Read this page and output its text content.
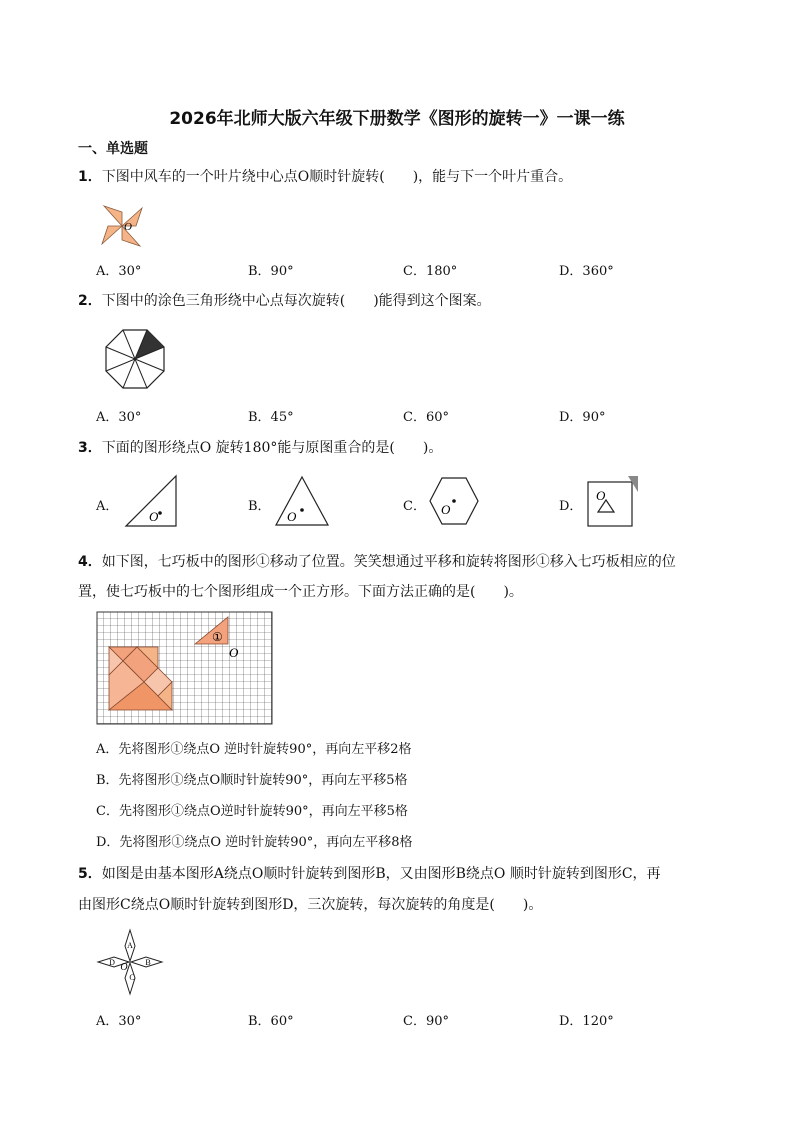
2026年北师大版六年级下册数学《图形的旋转一》一课一练
一、单选题
1．下图中风车的一个叶片绕中心点O顺时针旋转(　　)，能与下一个叶片重合。
O
A．30°	B．90°	C．180°	D．360°
2．下图中的涂色三角形绕中心点每次旋转(　　)能得到这个图案。
A．30°	B．45°	C．60°	D．90°
3．下面的图形绕点O 旋转180°能与原图重合的是(　　)。
A．
O
B．
O
C． O	D．
O
4．如下图，七巧板中的图形①移动了位置。笑笑想通过平移和旋转将图形①移入七巧板相应的位
置，使七巧板中的七个图形组成一个正方形。下面方法正确的是(　　)。
①
O
A．先将图形①绕点O 逆时针旋转90°，再向左平移2格
B．先将图形①绕点O顺时针旋转90°，再向左平移5格
C．先将图形①绕点O逆时针旋转90°，再向左平移5格
D．先将图形①绕点O 逆时针旋转90°，再向左平移8格
5．如图是由基本图形A绕点O顺时针旋转到图形B，又由图形B绕点O 顺时针旋转到图形C，再
由图形C绕点O顺时针旋转到图形D，三次旋转，每次旋转的角度是(　　)。
A
B
C
D O
A．30°	B．60°	C．90°	D．120°
